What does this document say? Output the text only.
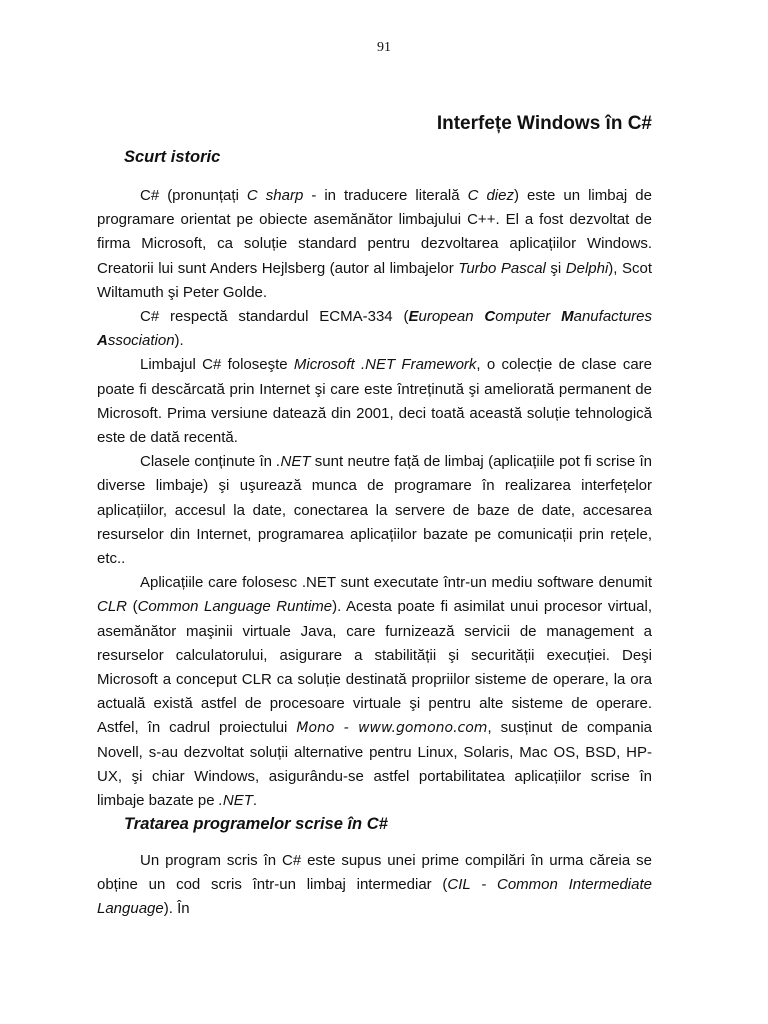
91
Interfețe Windows în C#
Scurt istoric

C# (pronunțați C sharp - in traducere literală C diez) este un limbaj de programare orientat pe obiecte asemănător limbajului C++. El a fost dezvoltat de firma Microsoft, ca soluție standard pentru dezvoltarea aplicațiilor Windows. Creatorii lui sunt Anders Hejlsberg (autor al limbajelor Turbo Pascal şi Delphi), Scot Wiltamuth şi Peter Golde.

C# respectă standardul ECMA-334 (European Computer Manufactures Association).

Limbajul C# foloseşte Microsoft .NET Framework, o colecție de clase care poate fi descărcată prin Internet şi care este întreținută şi ameliorată permanent de Microsoft. Prima versiune datează din 2001, deci toată această soluție tehnologică este de dată recentă.

Clasele conținute în .NET sunt neutre față de limbaj (aplicațiile pot fi scrise în diverse limbaje) şi uşurează munca de programare în realizarea interfețelor aplicațiilor, accesul la date, conectarea la servere de baze de date, accesarea resurselor din Internet, programarea aplicațiilor bazate pe comunicații prin rețele, etc..

Aplicațiile care folosesc .NET sunt executate într-un mediu software denumit CLR (Common Language Runtime). Acesta poate fi asimilat unui procesor virtual, asemănător maşinii virtuale Java, care furnizează servicii de management a resurselor calculatorului, asigurare a stabilității şi securității execuției. Deşi Microsoft a conceput CLR ca soluție destinată propriilor sisteme de operare, la ora actuală există astfel de procesoare virtuale şi pentru alte sisteme de operare. Astfel, în cadrul proiectului Mono - www.gomono.com, susținut de compania Novell, s-au dezvoltat soluții alternative pentru Linux, Solaris, Mac OS, BSD, HP-UX, şi chiar Windows, asigurându-se astfel portabilitatea aplicațiilor scrise în limbaje bazate pe .NET.

Tratarea programelor scrise în C#

Un program scris în C# este supus unei prime compilări în urma căreia se obține un cod scris într-un limbaj intermediar (CIL - Common Intermediate Language). În
